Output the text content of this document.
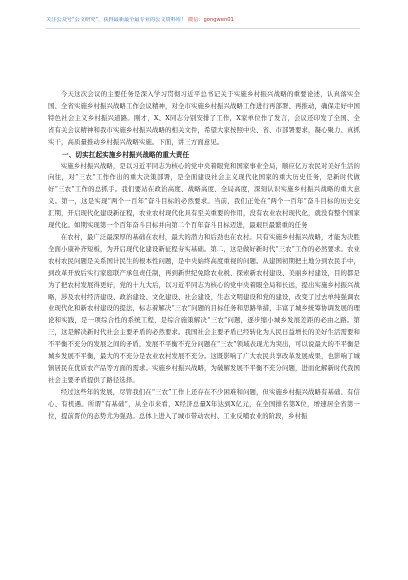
关注公众号“公文研究”，获得最新最全最专业的公文资料库！ 微信：gongwen01

今天这次会议的主要任务是深入学习贯彻习近平总书记关于实施乡村振兴战略的重要论述，认真落实全国、全省实施乡村振兴战略工作会议精神，对全市实施乡村振兴战略工作进行再部署、再推动，确保走好中国特色社会主义乡村振兴道路。刚才，X、X同志分别安排了工作，X家单位作了发言，会议还印发了全国、全省有关会议精神和我市实施乡村振兴战略的相关文件，希望大家按照中央、省、市部署要求，凝心聚力、真抓实干，高质量推动乡村振兴战略实施。下面，讲三方面意见。

一、切实扛起实施乡村振兴战略的重大责任

实施乡村振兴战略，是以习近平同志为核心的党中央着眼党和国家事业全局，顺应亿万农民对美好生活的向往，对“三农”工作作出的重大决策部署，是全面建设社会主义现代化国家的重大历史任务，是新时代做好“三农”工作的总抓手。我们要站在政治高度、战略高度、全局高度，深刻认识实施乡村振兴战略的重大意义。第一，这是实现“两个一百年”奋斗目标的必然要求。当前，我们正处在“两个一百年”奋斗目标的历史交汇期，开启现代化建设新征程，农业农村现代化具有至关重要的作用，没有农业农村现代化，就没有整个国家现代化。如期实现第一个百年奋斗目标并向第二个百年奋斗目标迈进，最艰巨最繁重的任务

在农村，最广泛最深厚的基础在农村，最大的潜力和后劲也在农村。只有实施乡村振兴战略，才能为决胜全面小康补齐短板，为开启现代化建设新征程夯实基础。第二，这是做好新时代“三农”工作的必然要求。农业农村农民问题是关系国计民生的根本性问题，是中央始终高度重视的问题。从建国初期把土地分到农民手中，到改革开放后实行家庭联产承包责任制，再到新世纪免除农业税、探索新农村建设、美丽乡村建设，目的都是为了把农村发展得更好，党的十九大后，以习近平同志为核心的党中央着眼全局和长远，提出实施乡村振兴战略，涉及农村经济建设、政治建设、文化建设、社会建设、生态文明建设和党的建设，改变了过去单纯强调农业现代化和新农村建设的提法，标志着解决“三农”问题的目标任务和思路举措，丰富了城乡统筹协调发展的理论和实践，是一项综合性的系统工程，是综合施策解决“三农”问题，逐步缩小城乡发展差距的必由之路。第三，这是解决新时代社会主要矛盾的必然要求。我国社会主要矛盾已经转化为人民日益增长的美好生活需要和不平衡不充分的发展之间的矛盾，发展不平衡不充分问题在“三农”领域表现尤为突出，可以说最大的不平衡是城乡发展不平衡，最大的不充分是农业农村发展不充分。这既影响了广大农民共享改革发展成果，也影响了城镇居民在优质农产品等方面的需求。实施乡村振兴战略，为破解发展不平衡不充分问题，进而化解新时代我国社会主要矛盾提供了路径选择。

经过这些年的发展，尽管我们在“三农”工作上还存在不少困难和问题，但实施乡村振兴战略有基础、有信心、有机遇。所谓“有基础”，从全市来看，X经济总量X年达到X亿元，在全国排名第X位，增速居全省第一位，提前晋位的态势尤为强劲。总体上进入了城市带动农村、工业反哺农业的阶段，乡村振
